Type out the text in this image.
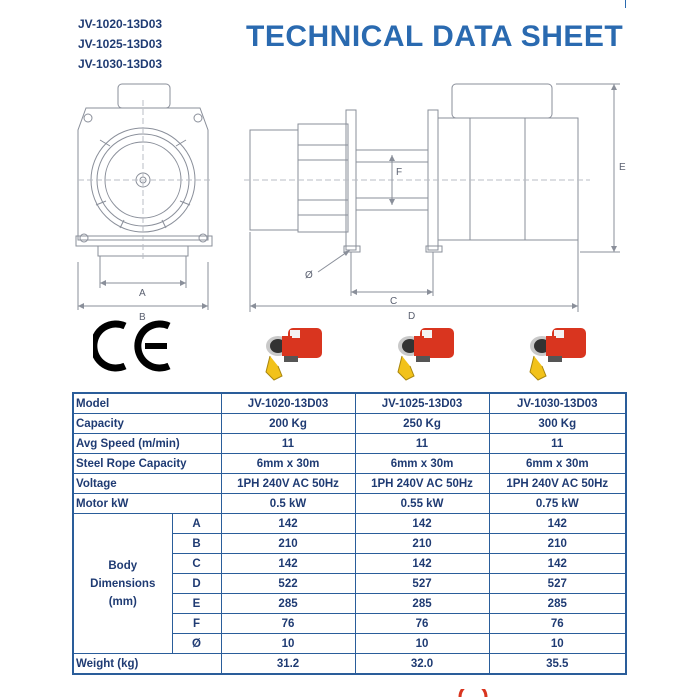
JV-1020-13D03
JV-1025-13D03
JV-1030-13D03
TECHNICAL DATA SHEET
A
B
C
D
E
F
Ø
Model		JV-1020-13D03	JV-1025-13D03	JV-1030-13D03
Capacity		200 Kg	250 Kg	300 Kg
Avg Speed (m/min)		11	11	11
Steel Rope Capacity		6mm x 30m	6mm x 30m	6mm x 30m
Voltage		1PH 240V AC 50Hz	1PH 240V AC 50Hz	1PH 240V AC 50Hz
Motor kW		0.5 kW	0.55 kW	0.75 kW
Body
Dimensions
(mm)	A	142	142	142
	B	210	210	210
	C	142	142	142
	D	522	527	527
	E	285	285	285
	F	76	76	76
	Ø	10	10	10
Weight (kg)		31.2	32.0	35.5
